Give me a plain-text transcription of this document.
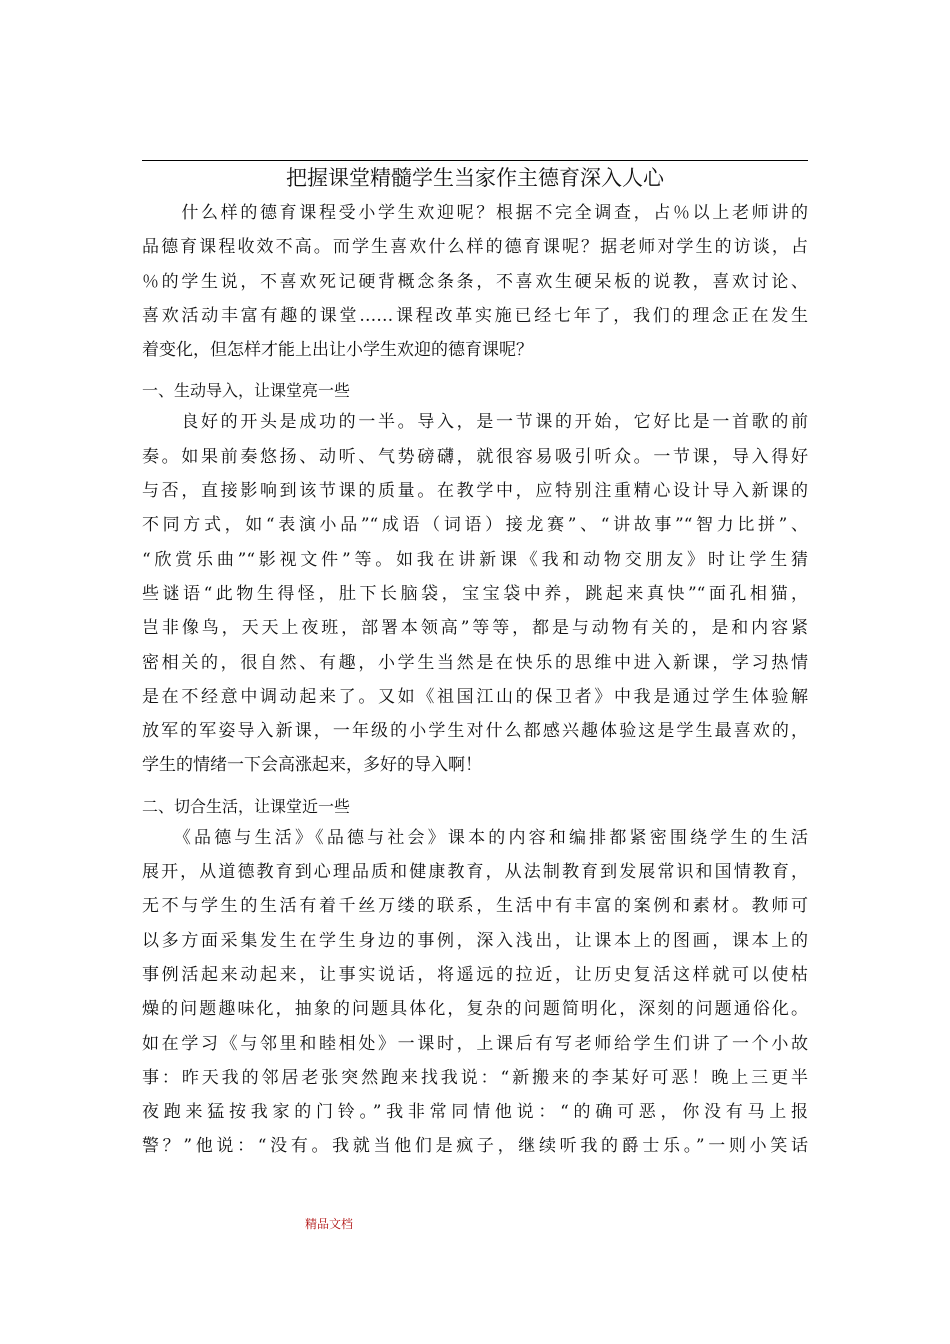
把握课堂精髓学生当家作主德育深入人心
　　什么样的德育课程受小学生欢迎呢？根据不完全调查，占％以上老师讲的
品德育课程收效不高。而学生喜欢什么样的德育课呢？据老师对学生的访谈，占
％的学生说，不喜欢死记硬背概念条条，不喜欢生硬呆板的说教，喜欢讨论、
喜欢活动丰富有趣的课堂……课程改革实施已经七年了，我们的理念正在发生
着变化，但怎样才能上出让小学生欢迎的德育课呢？
一、生动导入，让课堂亮一些
　　良好的开头是成功的一半。导入，是一节课的开始，它好比是一首歌的前
奏。如果前奏悠扬、动听、气势磅礴，就很容易吸引听众。一节课，导入得好
与否，直接影响到该节课的质量。在教学中，应特别注重精心设计导入新课的
不同方式，如“表演小品”“成语（词语）接龙赛”、“讲故事”“智力比拼”、
“欣赏乐曲”“影视文件”等。如我在讲新课《我和动物交朋友》时让学生猜
些谜语“此物生得怪，肚下长脑袋，宝宝袋中养，跳起来真快”“面孔相猫，
岂非像鸟，天天上夜班，部署本领高”等等，都是与动物有关的，是和内容紧
密相关的，很自然、有趣，小学生当然是在快乐的思维中进入新课，学习热情
是在不经意中调动起来了。又如《祖国江山的保卫者》中我是通过学生体验解
放军的军姿导入新课，一年级的小学生对什么都感兴趣体验这是学生最喜欢的，
学生的情绪一下会高涨起来，多好的导入啊！
二、切合生活，让课堂近一些
　　《品德与生活》《品德与社会》课本的内容和编排都紧密围绕学生的生活
展开，从道德教育到心理品质和健康教育，从法制教育到发展常识和国情教育，
无不与学生的生活有着千丝万缕的联系，生活中有丰富的案例和素材。教师可
以多方面采集发生在学生身边的事例，深入浅出，让课本上的图画，课本上的
事例活起来动起来，让事实说话，将遥远的拉近，让历史复活这样就可以使枯
燥的问题趣味化，抽象的问题具体化，复杂的问题简明化，深刻的问题通俗化。
如在学习《与邻里和睦相处》一课时，上课后有写老师给学生们讲了一个小故
事：昨天我的邻居老张突然跑来找我说：“新搬来的李某好可恶！晚上三更半
夜跑来猛按我家的门铃。”我非常同情他说：“的确可恶，你没有马上报
警？”他说：“没有。我就当他们是疯子，继续听我的爵士乐。”一则小笑话
精品文档
